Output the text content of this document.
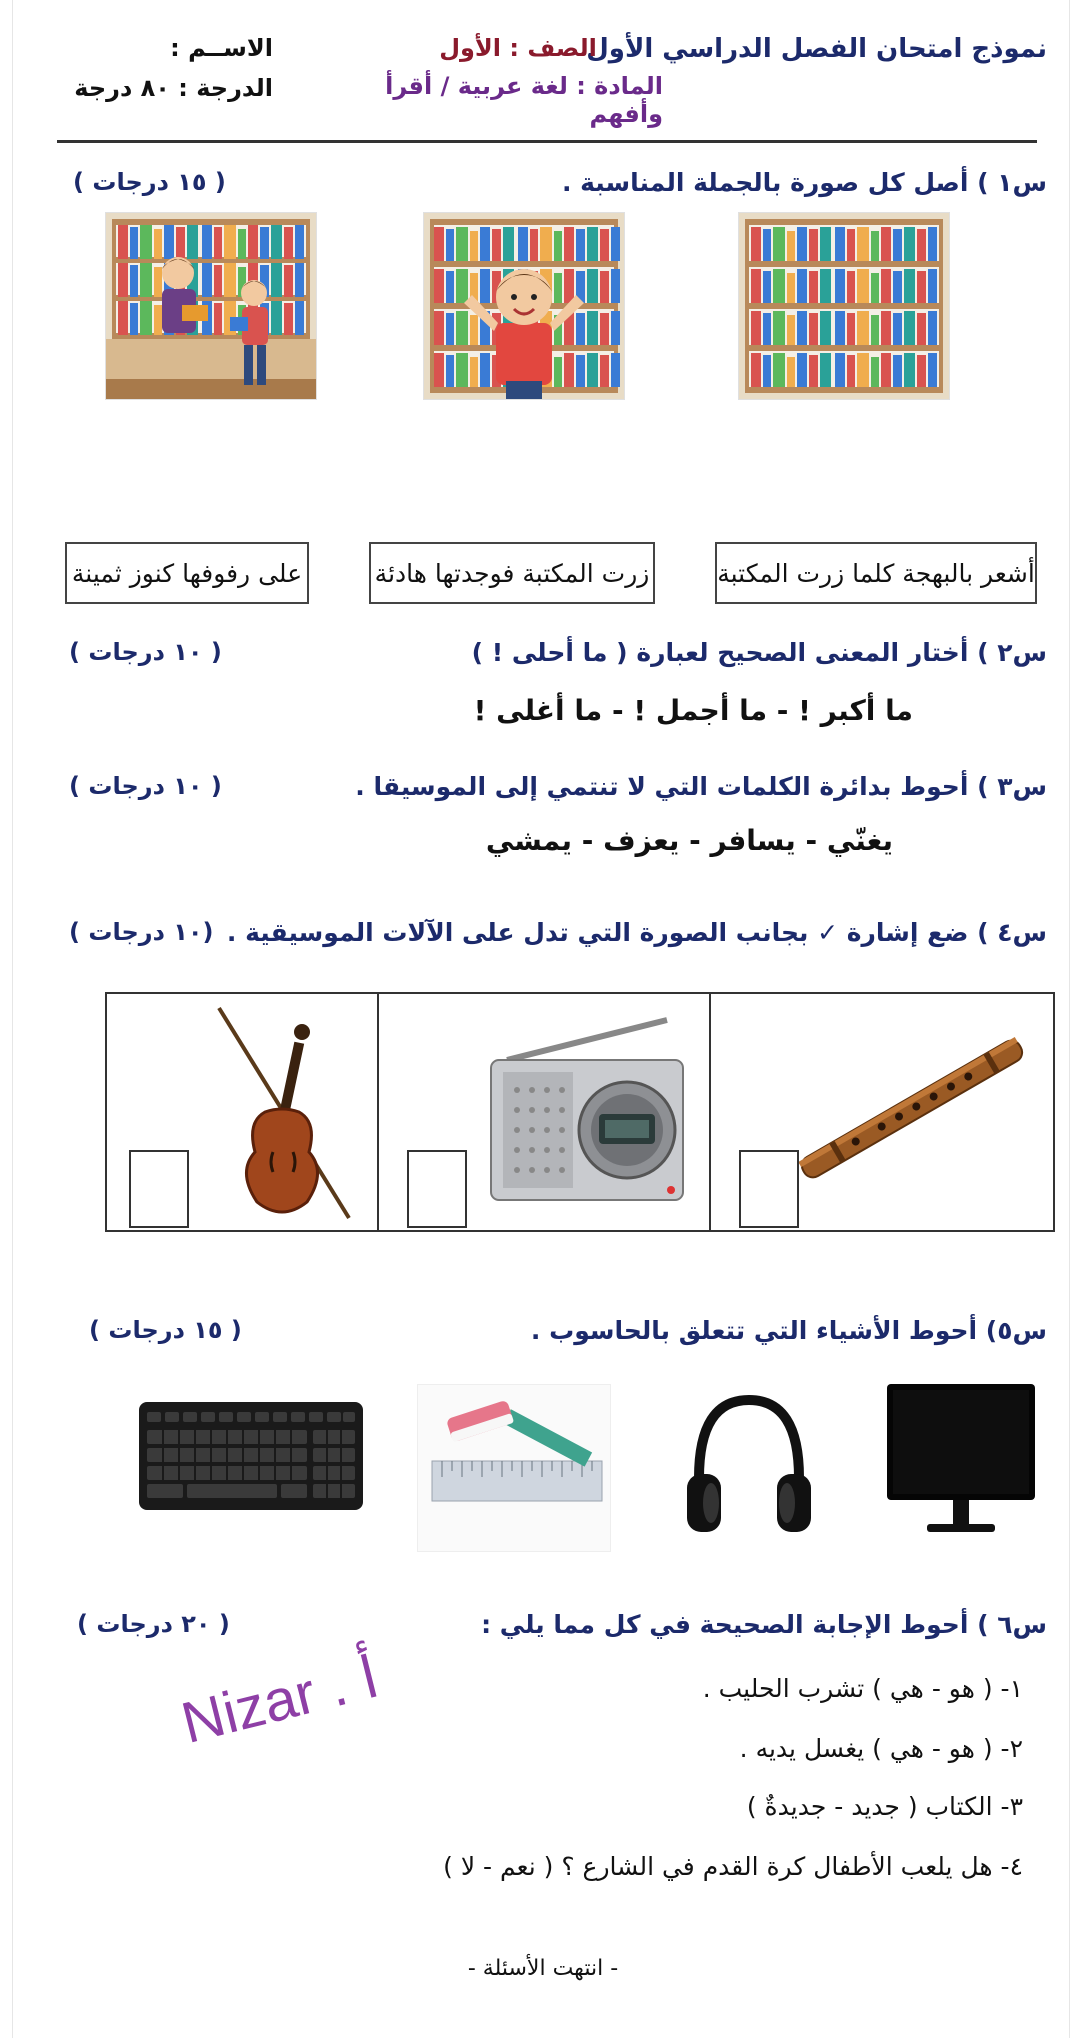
نموذج امتحان الفصل الدراسي الأول
الصف : الأول
المادة : لغة عربية / أقرأ وأفهم
الاســم :
الدرجة : ٨٠ درجة
س١ ) أصل كل صورة بالجملة المناسبة .
( ١٥ درجات )
أشعر بالبهجة كلما زرت المكتبة
زرت المكتبة فوجدتها هادئة
على رفوفها كنوز ثمينة
س٢ ) أختار المعنى الصحيح لعبارة ( ما أحلى ! )
( ١٠ درجات )
ما أكبر ! - ما أجمل ! - ما أغلى !
س٣ ) أحوط بدائرة الكلمات التي لا تنتمي إلى الموسيقا .
( ١٠ درجات )
يغنّي - يسافر - يعزف - يمشي
س٤ ) ضع إشارة ✓ بجانب الصورة التي تدل على الآلات الموسيقية .
(١٠ درجات )
س٥) أحوط الأشياء التي تتعلق بالحاسوب .
( ١٥ درجات )
س٦ ) أحوط الإجابة الصحيحة في كل مما يلي :
( ٢٠ درجات )
١- ( هو - هي ) تشرب الحليب .
٢- ( هو - هي ) يغسل يديه .
٣- الكتاب ( جديد - جديدةٌ )
٤- هل يلعب الأطفال كرة القدم في الشارع ؟ ( نعم - لا )
Nizar . أ
- انتهت الأسئلة -
